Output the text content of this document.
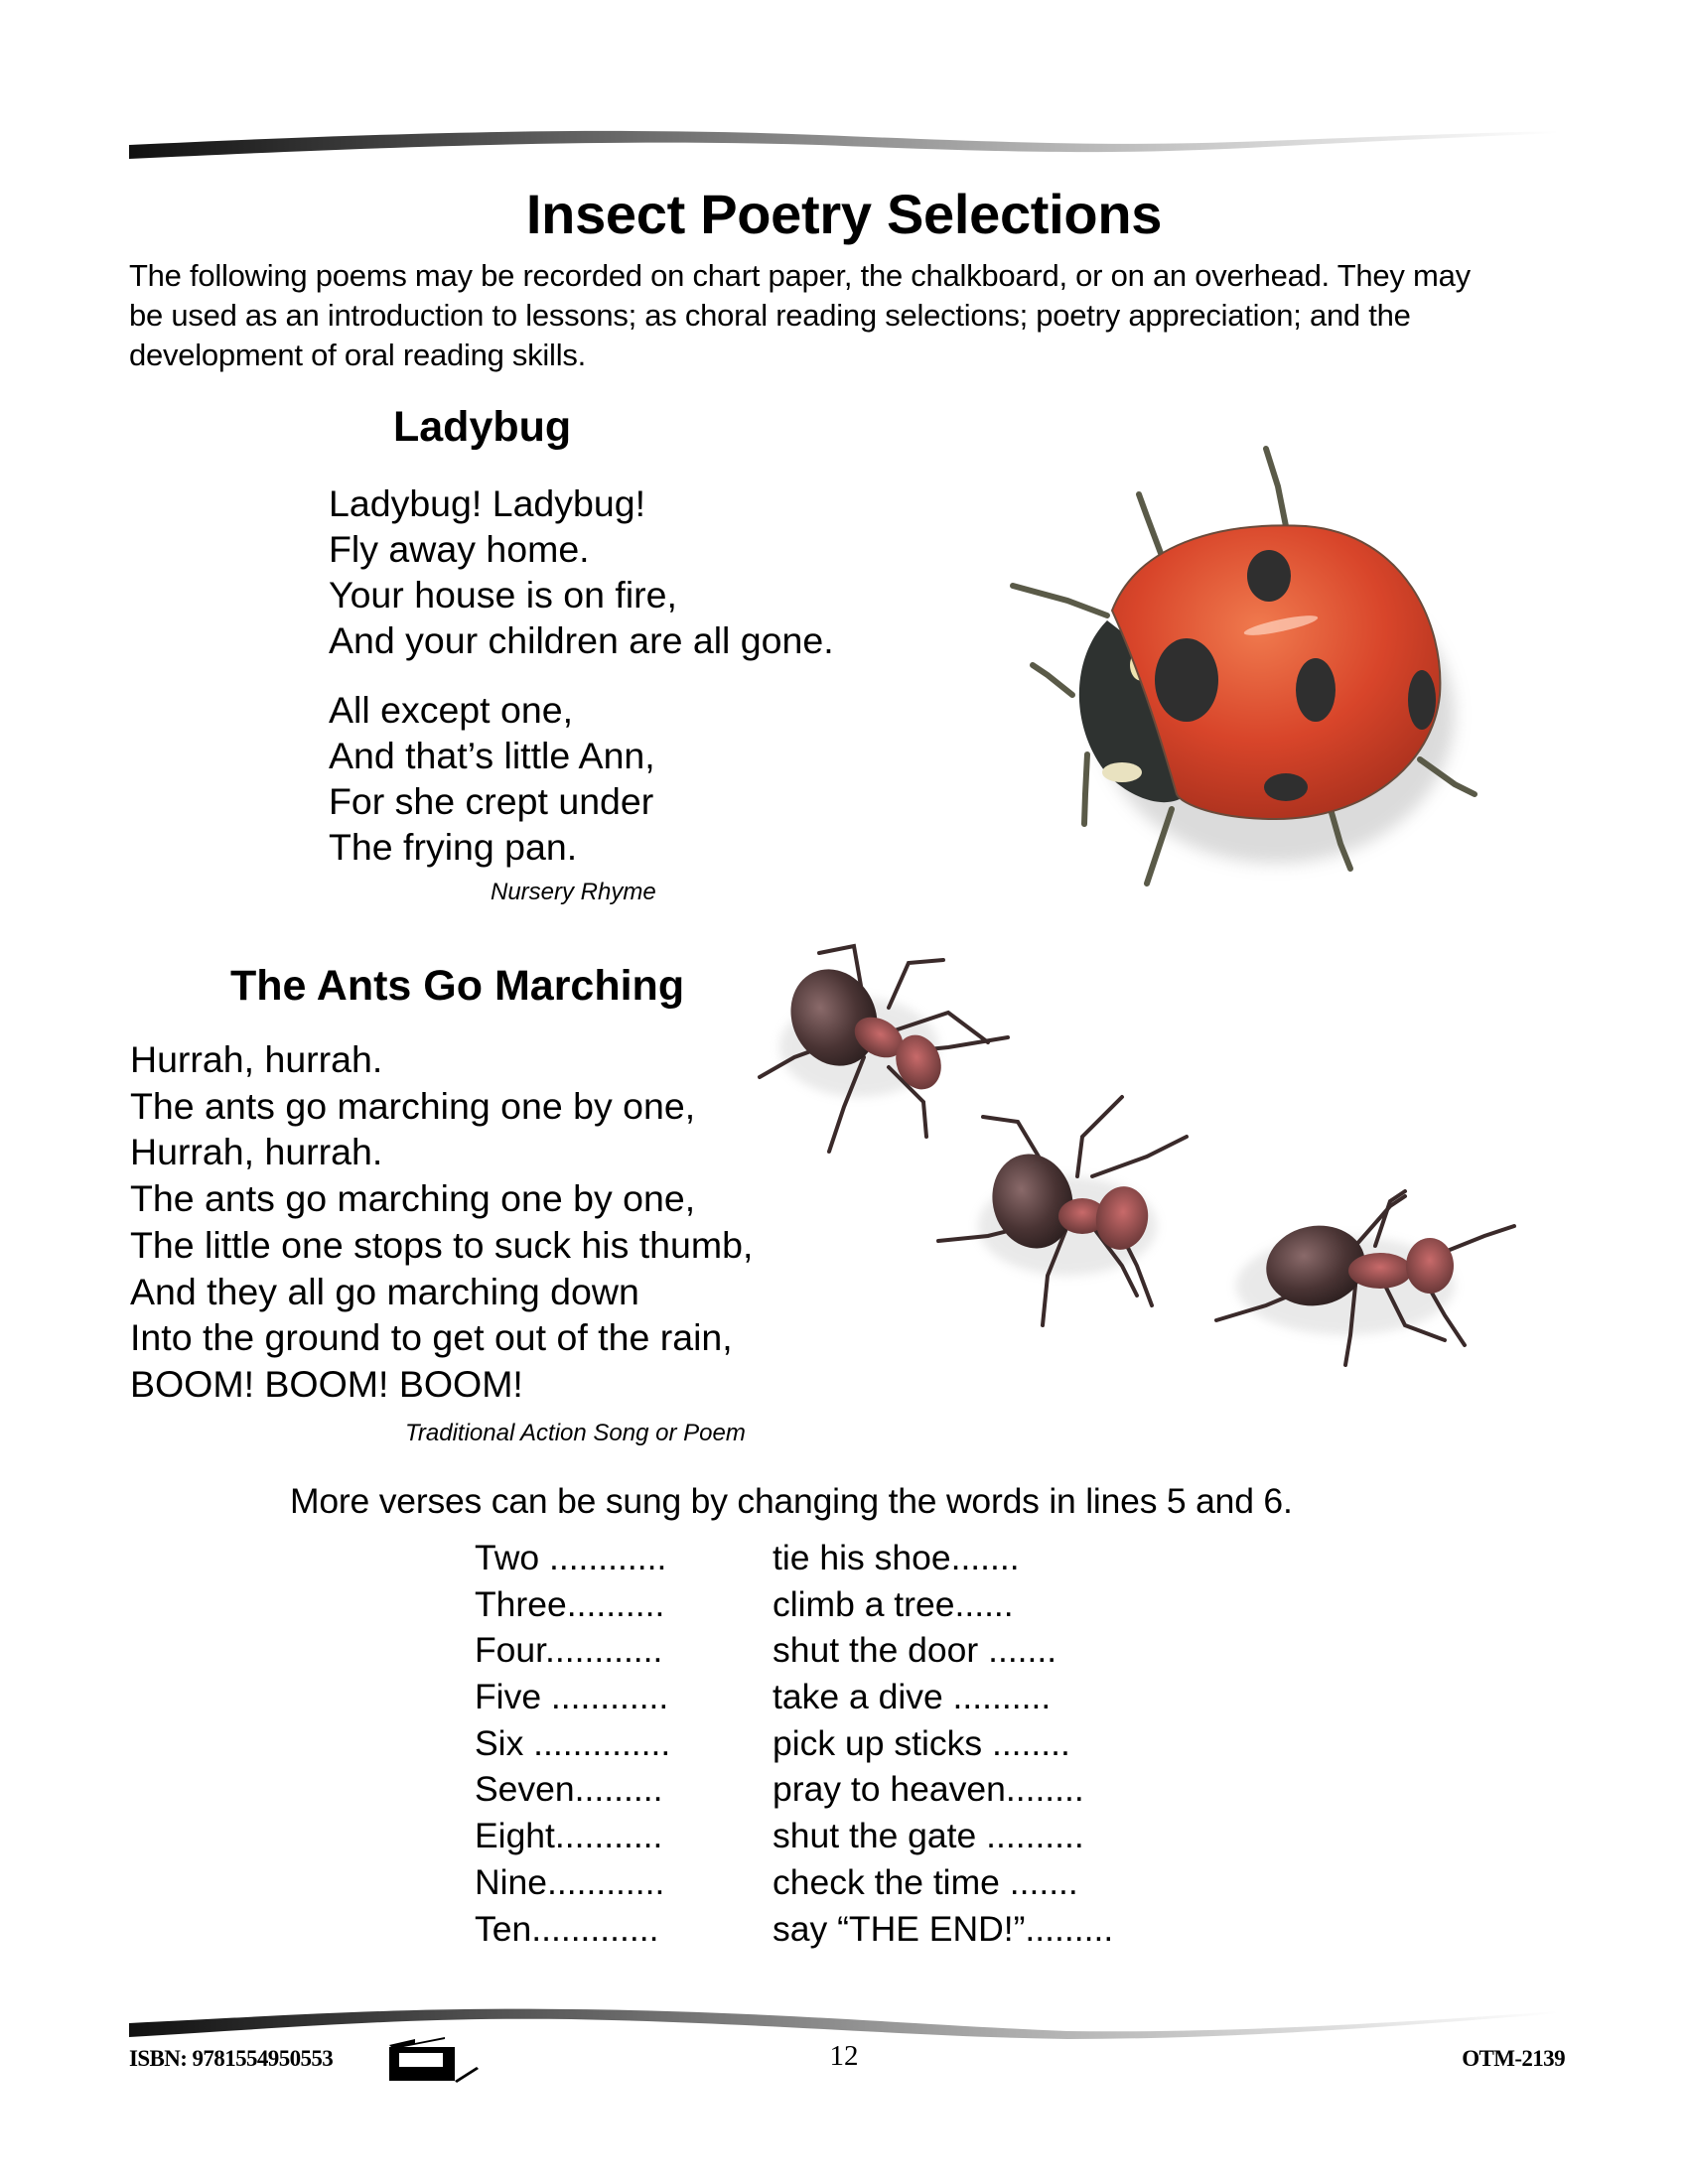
Insect Poetry Selections
The following poems may be recorded on chart paper, the chalkboard, or on an overhead. They may
be used as an introduction to lessons; as choral reading selections; poetry appreciation; and the
development of oral reading skills.
Ladybug
Ladybug! Ladybug!
Fly away home.
Your house is on fire,
And your children are all gone.
All except one,
And that’s little Ann,
For she crept under
The frying pan.
Nursery Rhyme
The Ants Go Marching
Hurrah, hurrah.
The ants go marching one by one,
Hurrah, hurrah.
The ants go marching one by one,
The little one stops to suck his thumb,
And they all go marching down
Into the ground to get out of the rain,
BOOM! BOOM! BOOM!
Traditional Action Song or Poem
More verses can be sung by changing the words in lines 5 and 6.
Two ............	tie his shoe.......
Three..........	climb a tree......
Four............	shut the door .......
Five ............	take a dive ..........
Six ..............	pick up sticks ........
Seven.........	pray to heaven........
Eight...........	shut the gate ..........
Nine............	check the time .......
Ten.............	say “THE END!”.........
ISBN: 9781554950553	12	OTM-2139
